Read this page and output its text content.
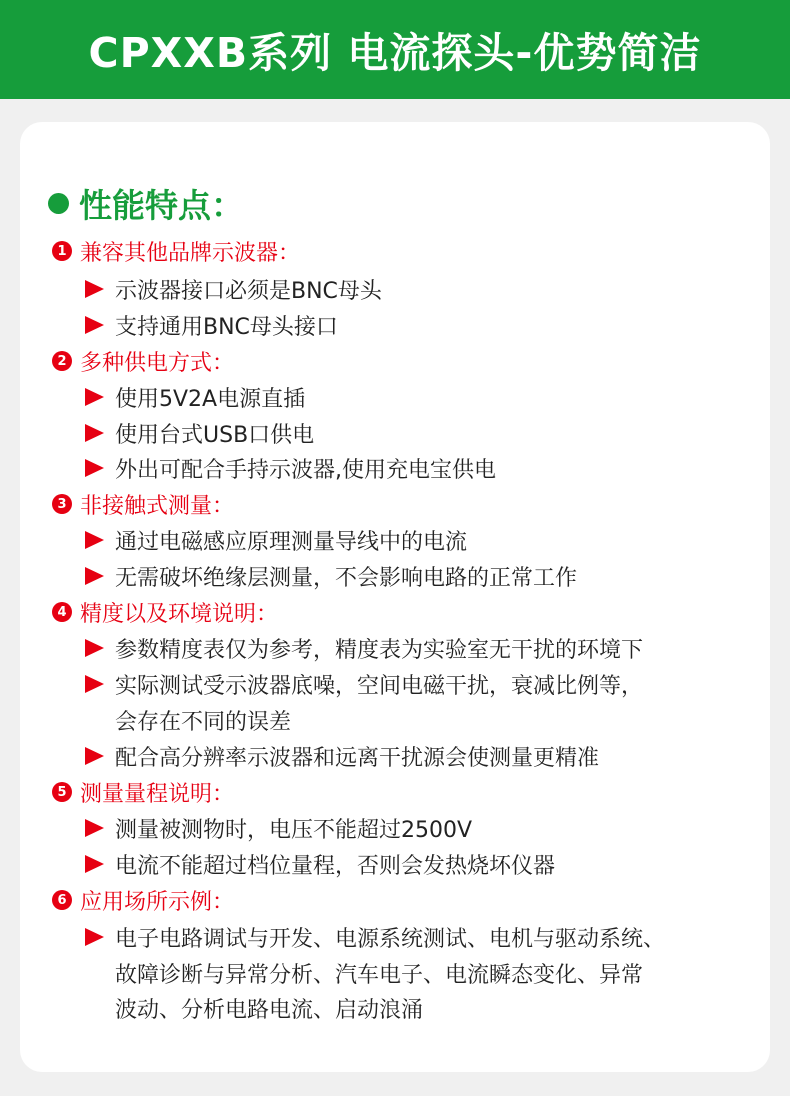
CPXXB系列 电流探头-优势简洁
性能特点：
1 兼容其他品牌示波器：
示波器接口必须是BNC母头
支持通用BNC母头接口
2 多种供电方式：
使用5V2A电源直插
使用台式USB口供电
外出可配合手持示波器,使用充电宝供电
3 非接触式测量：
通过电磁感应原理测量导线中的电流
无需破坏绝缘层测量，不会影响电路的正常工作
4 精度以及环境说明：
参数精度表仅为参考，精度表为实验室无干扰的环境下
实际测试受示波器底噪，空间电磁干扰，衰减比例等，
会存在不同的误差
配合高分辨率示波器和远离干扰源会使测量更精准
5 测量量程说明：
测量被测物时，电压不能超过2500V
电流不能超过档位量程，否则会发热烧坏仪器
6 应用场所示例：
电子电路调试与开发、电源系统测试、电机与驱动系统、
故障诊断与异常分析、汽车电子、电流瞬态变化、异常
波动、分析电路电流、启动浪涌
